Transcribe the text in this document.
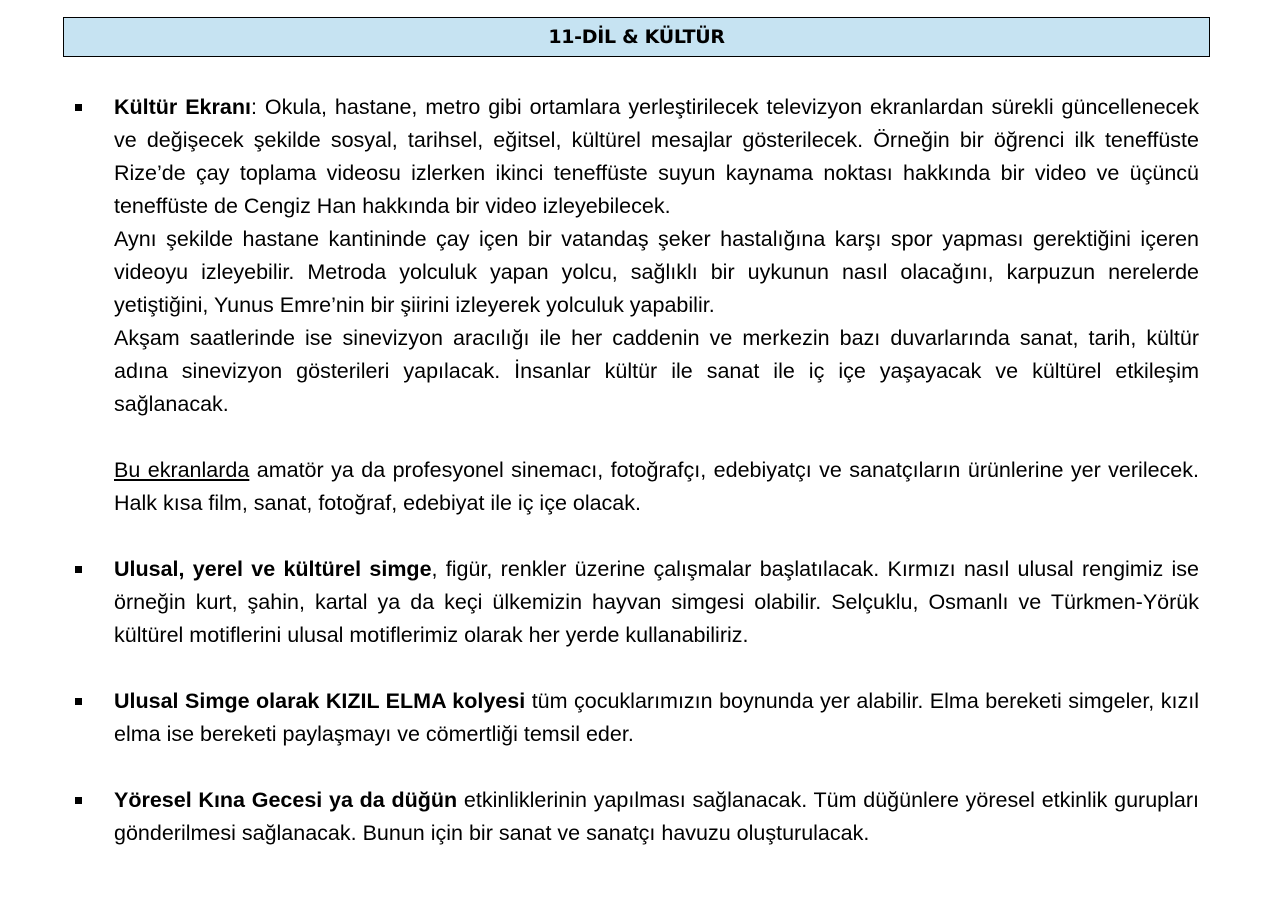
11-DİL & KÜLTÜR

Kültür Ekranı: Okula, hastane, metro gibi ortamlara yerleştirilecek televizyon ekranlardan sürekli güncellenecek ve değişecek şekilde sosyal, tarihsel, eğitsel, kültürel mesajlar gösterilecek. Örneğin bir öğrenci ilk teneffüste Rize’de çay toplama videosu izlerken ikinci teneffüste suyun kaynama noktası hakkında bir video ve üçüncü teneffüste de Cengiz Han hakkında bir video izleyebilecek.

Aynı şekilde hastane kantininde çay içen bir vatandaş şeker hastalığına karşı spor yapması gerektiğini içeren videoyu izleyebilir. Metroda yolculuk yapan yolcu, sağlıklı bir uykunun nasıl olacağını, karpuzun nerelerde yetiştiğini, Yunus Emre’nin bir şiirini izleyerek yolculuk yapabilir.

Akşam saatlerinde ise sinevizyon aracılığı ile her caddenin ve merkezin bazı duvarlarında sanat, tarih, kültür adına sinevizyon gösterileri yapılacak. İnsanlar kültür ile sanat ile iç içe yaşayacak ve kültürel etkileşim sağlanacak.

Bu ekranlarda amatör ya da profesyonel sinemacı, fotoğrafçı, edebiyatçı ve sanatçıların ürünlerine yer verilecek. Halk kısa film, sanat, fotoğraf, edebiyat ile iç içe olacak.

Ulusal, yerel ve kültürel simge, figür, renkler üzerine çalışmalar başlatılacak. Kırmızı nasıl ulusal rengimiz ise örneğin kurt, şahin, kartal ya da keçi ülkemizin hayvan simgesi olabilir. Selçuklu, Osmanlı ve Türkmen-Yörük kültürel motiflerini ulusal motiflerimiz olarak her yerde kullanabiliriz.

Ulusal Simge olarak KIZIL ELMA kolyesi tüm çocuklarımızın boynunda yer alabilir. Elma bereketi simgeler, kızıl elma ise bereketi paylaşmayı ve cömertliği temsil eder.

Yöresel Kına Gecesi ya da düğün etkinliklerinin yapılması sağlanacak. Tüm düğünlere yöresel etkinlik gurupları gönderilmesi sağlanacak. Bunun için bir sanat ve sanatçı havuzu oluşturulacak.
